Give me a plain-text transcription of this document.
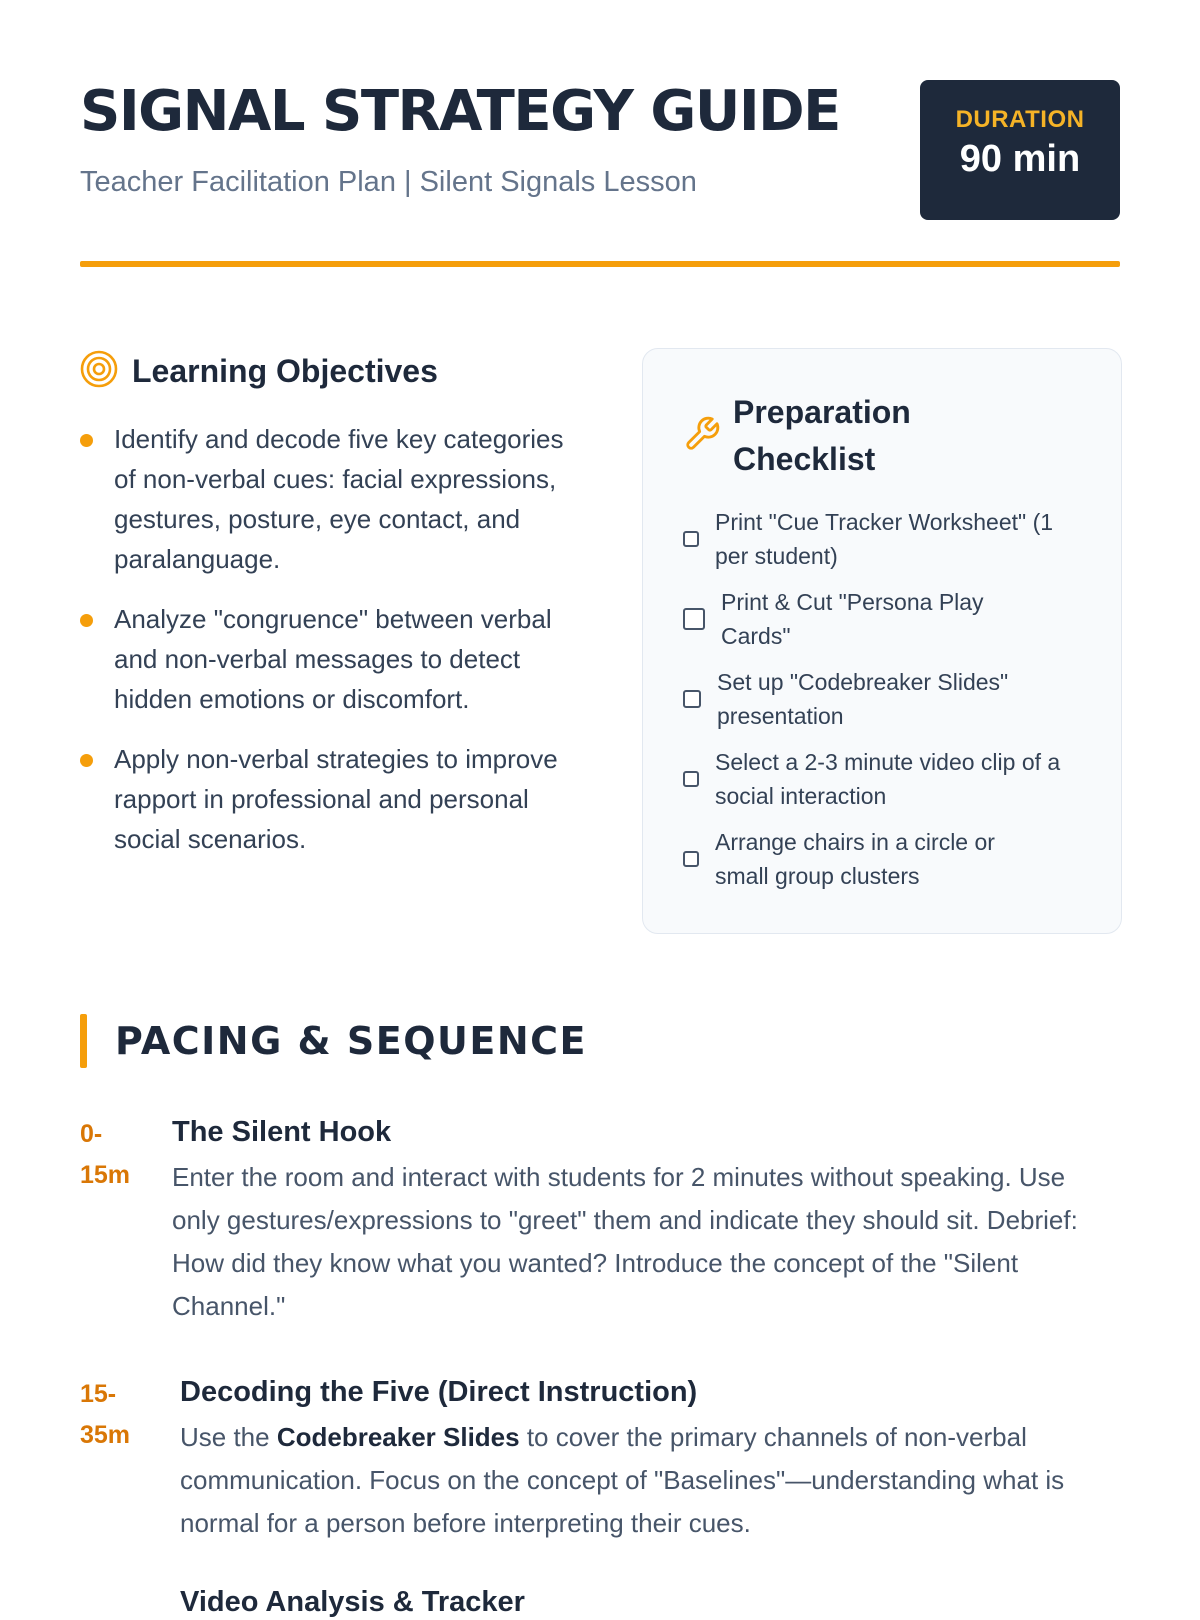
SIGNAL STRATEGY GUIDE
Teacher Facilitation Plan | Silent Signals Lesson
DURATION
90 min
Learning Objectives
Identify and decode five key categories of non-verbal cues: facial expressions, gestures, posture, eye contact, and paralanguage.
Analyze "congruence" between verbal and non-verbal messages to detect hidden emotions or discomfort.
Apply non-verbal strategies to improve rapport in professional and personal social scenarios.
Preparation Checklist
Print "Cue Tracker Worksheet" (1 per student)
Print & Cut "Persona Play Cards"
Set up "Codebreaker Slides" presentation
Select a 2-3 minute video clip of a social interaction
Arrange chairs in a circle or small group clusters
PACING & SEQUENCE
0-15m
The Silent Hook
Enter the room and interact with students for 2 minutes without speaking. Use only gestures/expressions to "greet" them and indicate they should sit. Debrief: How did they know what you wanted? Introduce the concept of the "Silent Channel."
15-35m
Decoding the Five (Direct Instruction)
Use the Codebreaker Slides to cover the primary channels of non-verbal communication. Focus on the concept of "Baselines"—understanding what is normal for a person before interpreting their cues.
Video Analysis & Tracker
